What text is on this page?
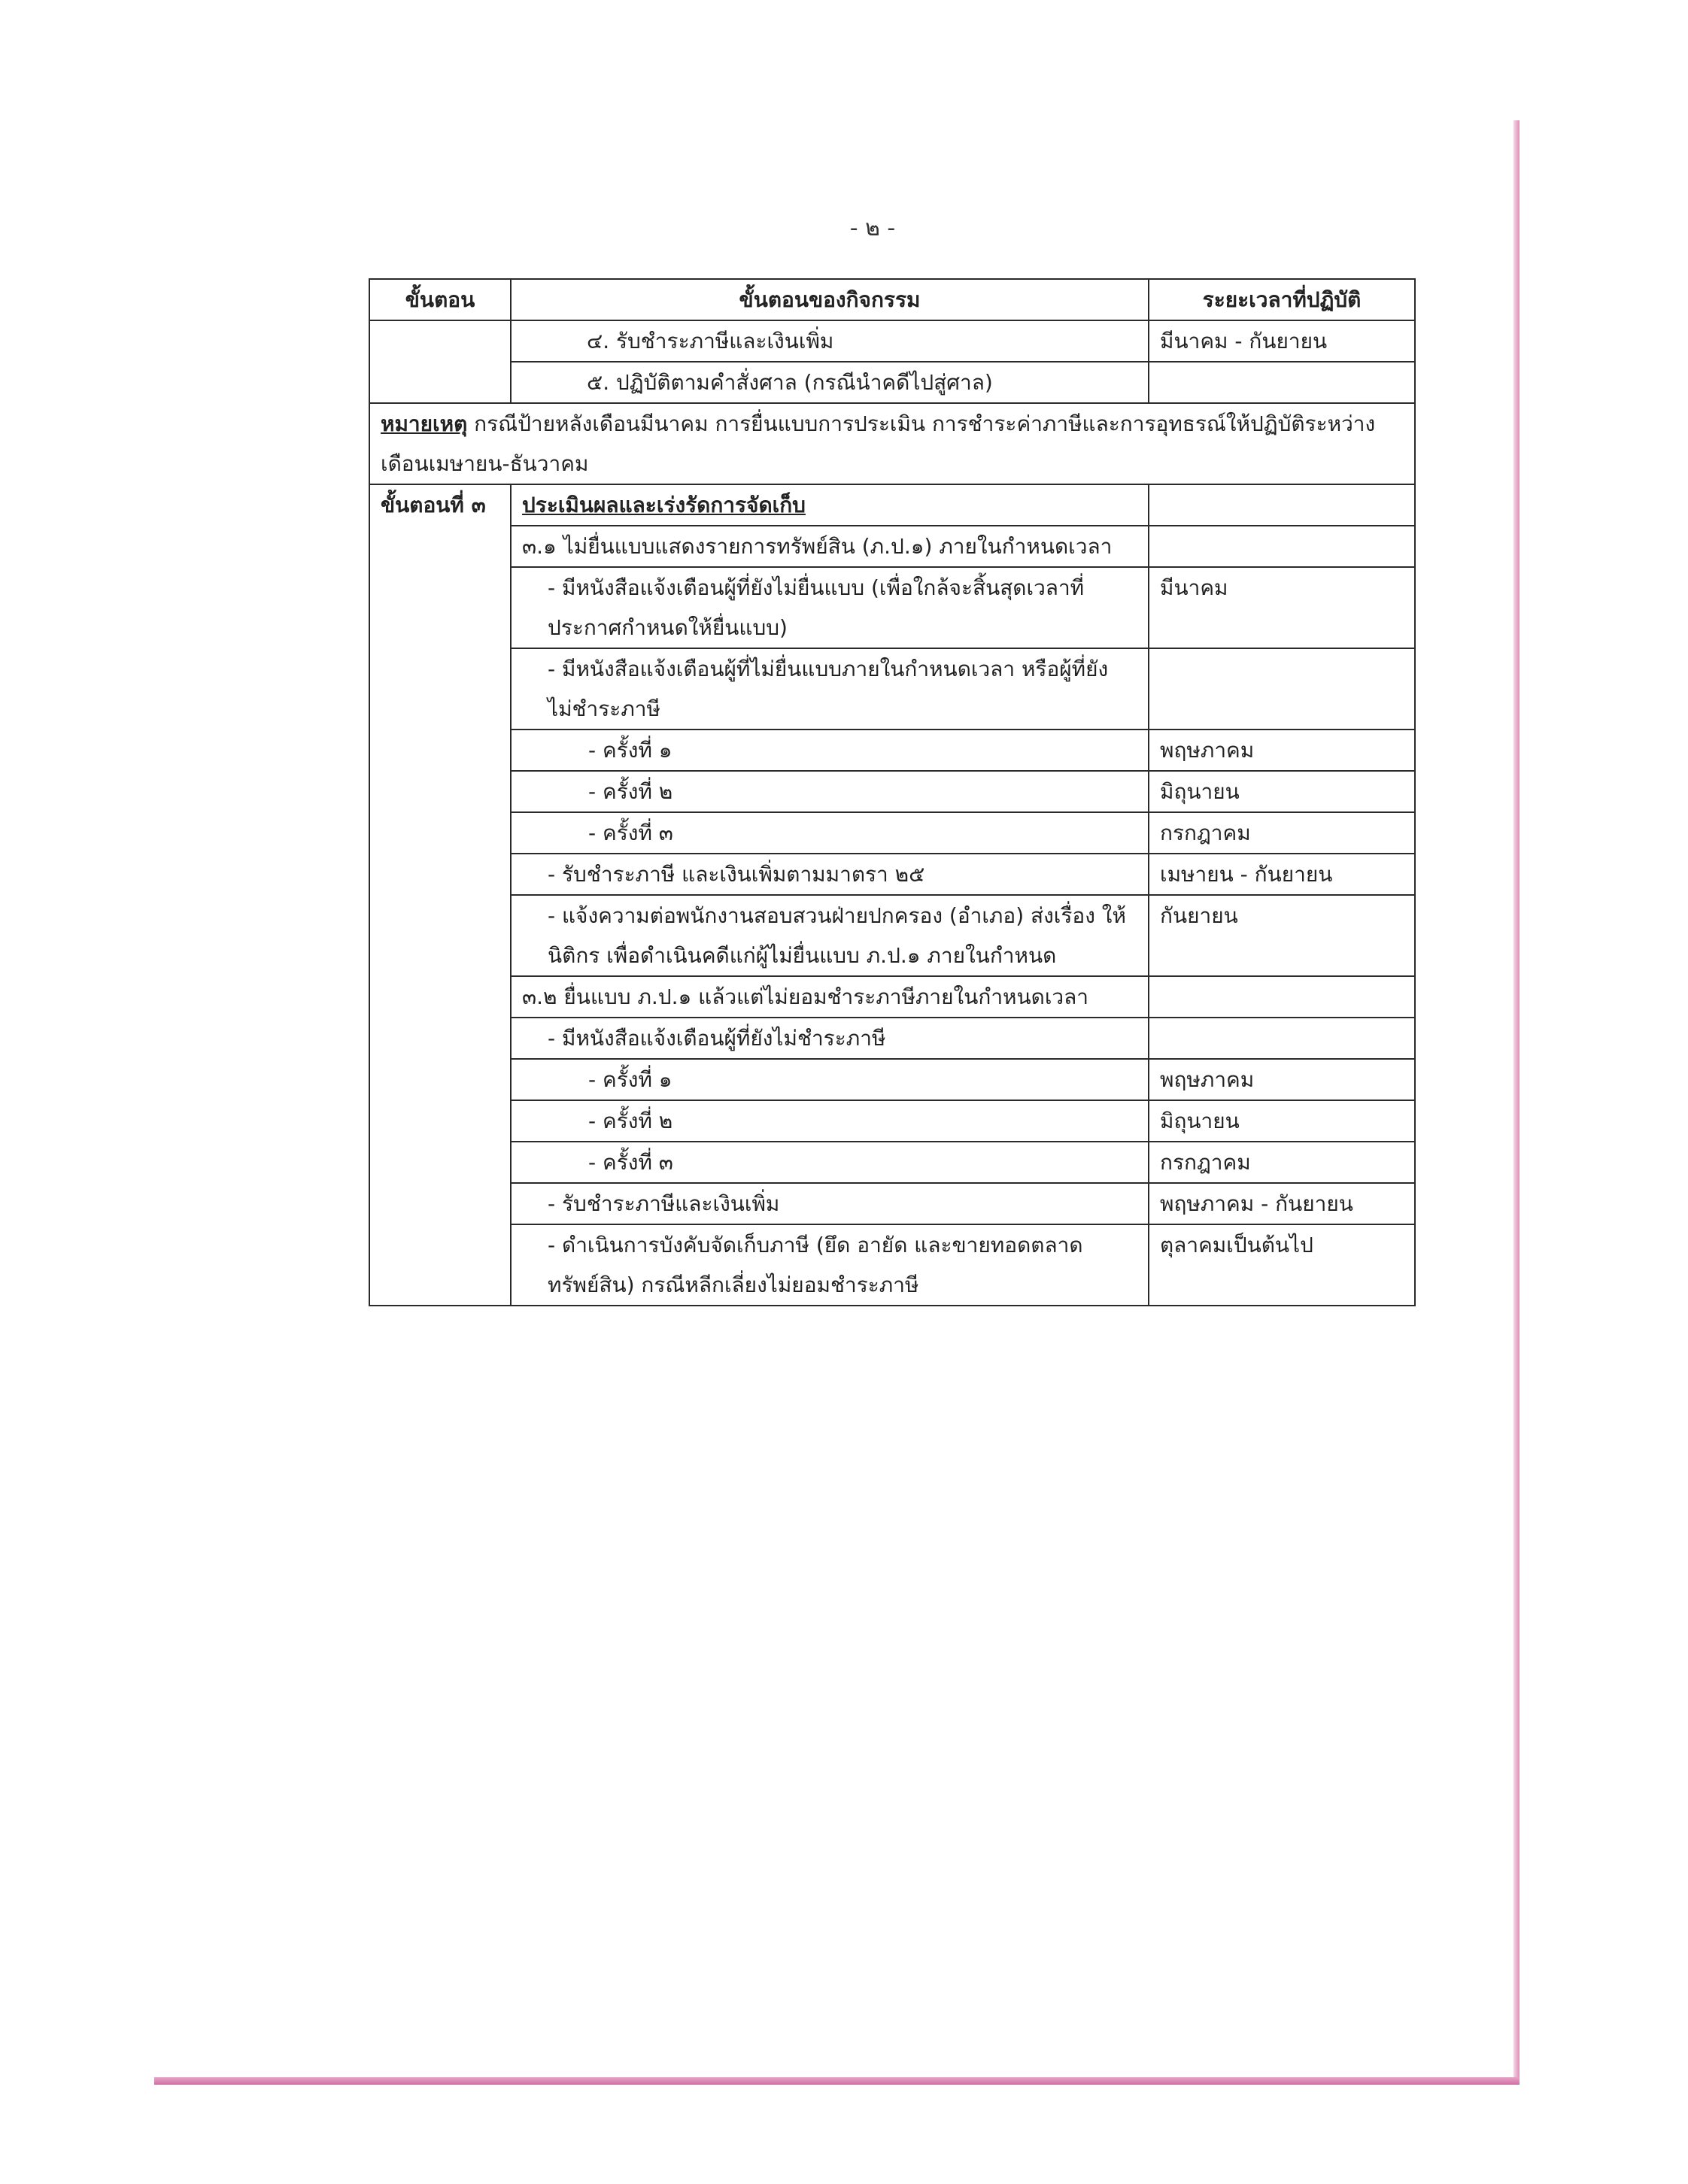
- ๒ -
ขั้นตอน	ขั้นตอนของกิจกรรม	ระยะเวลาที่ปฏิบัติ
	๔. รับชำระภาษีและเงินเพิ่ม	มีนาคม - กันยายน
	๕. ปฏิบัติตามคำสั่งศาล (กรณีนำคดีไปสู่ศาล)	
หมายเหตุ กรณีป้ายหลังเดือนมีนาคม การยื่นแบบการประเมิน การชำระค่าภาษีและการอุทธรณ์ให้ปฏิบัติระหว่าง เดือนเมษายน-ธันวาคม		
ขั้นตอนที่ ๓	ประเมินผลและเร่งรัดการจัดเก็บ	
	๓.๑ ไม่ยื่นแบบแสดงรายการทรัพย์สิน (ภ.ป.๑) ภายในกำหนดเวลา	
	- มีหนังสือแจ้งเตือนผู้ที่ยังไม่ยื่นแบบ (เพื่อใกล้จะสิ้นสุดเวลาที่ ประกาศกำหนดให้ยื่นแบบ)	มีนาคม
	- มีหนังสือแจ้งเตือนผู้ที่ไม่ยื่นแบบภายในกำหนดเวลา หรือผู้ที่ยัง ไม่ชำระภาษี	
	- ครั้งที่ ๑	พฤษภาคม
	- ครั้งที่ ๒	มิถุนายน
	- ครั้งที่ ๓	กรกฎาคม
	- รับชำระภาษี และเงินเพิ่มตามมาตรา ๒๕	เมษายน - กันยายน
	- แจ้งความต่อพนักงานสอบสวนฝ่ายปกครอง (อำเภอ) ส่งเรื่อง ให้นิติกร เพื่อดำเนินคดีแก่ผู้ไม่ยื่นแบบ ภ.ป.๑ ภายในกำหนด	กันยายน
	๓.๒ ยื่นแบบ ภ.ป.๑ แล้วแต่ไม่ยอมชำระภาษีภายในกำหนดเวลา	
	- มีหนังสือแจ้งเตือนผู้ที่ยังไม่ชำระภาษี	
	- ครั้งที่ ๑	พฤษภาคม
	- ครั้งที่ ๒	มิถุนายน
	- ครั้งที่ ๓	กรกฎาคม
	- รับชำระภาษีและเงินเพิ่ม	พฤษภาคม - กันยายน
	- ดำเนินการบังคับจัดเก็บภาษี (ยึด อายัด และขายทอดตลาด ทรัพย์สิน) กรณีหลีกเลี่ยงไม่ยอมชำระภาษี	ตุลาคมเป็นต้นไป
